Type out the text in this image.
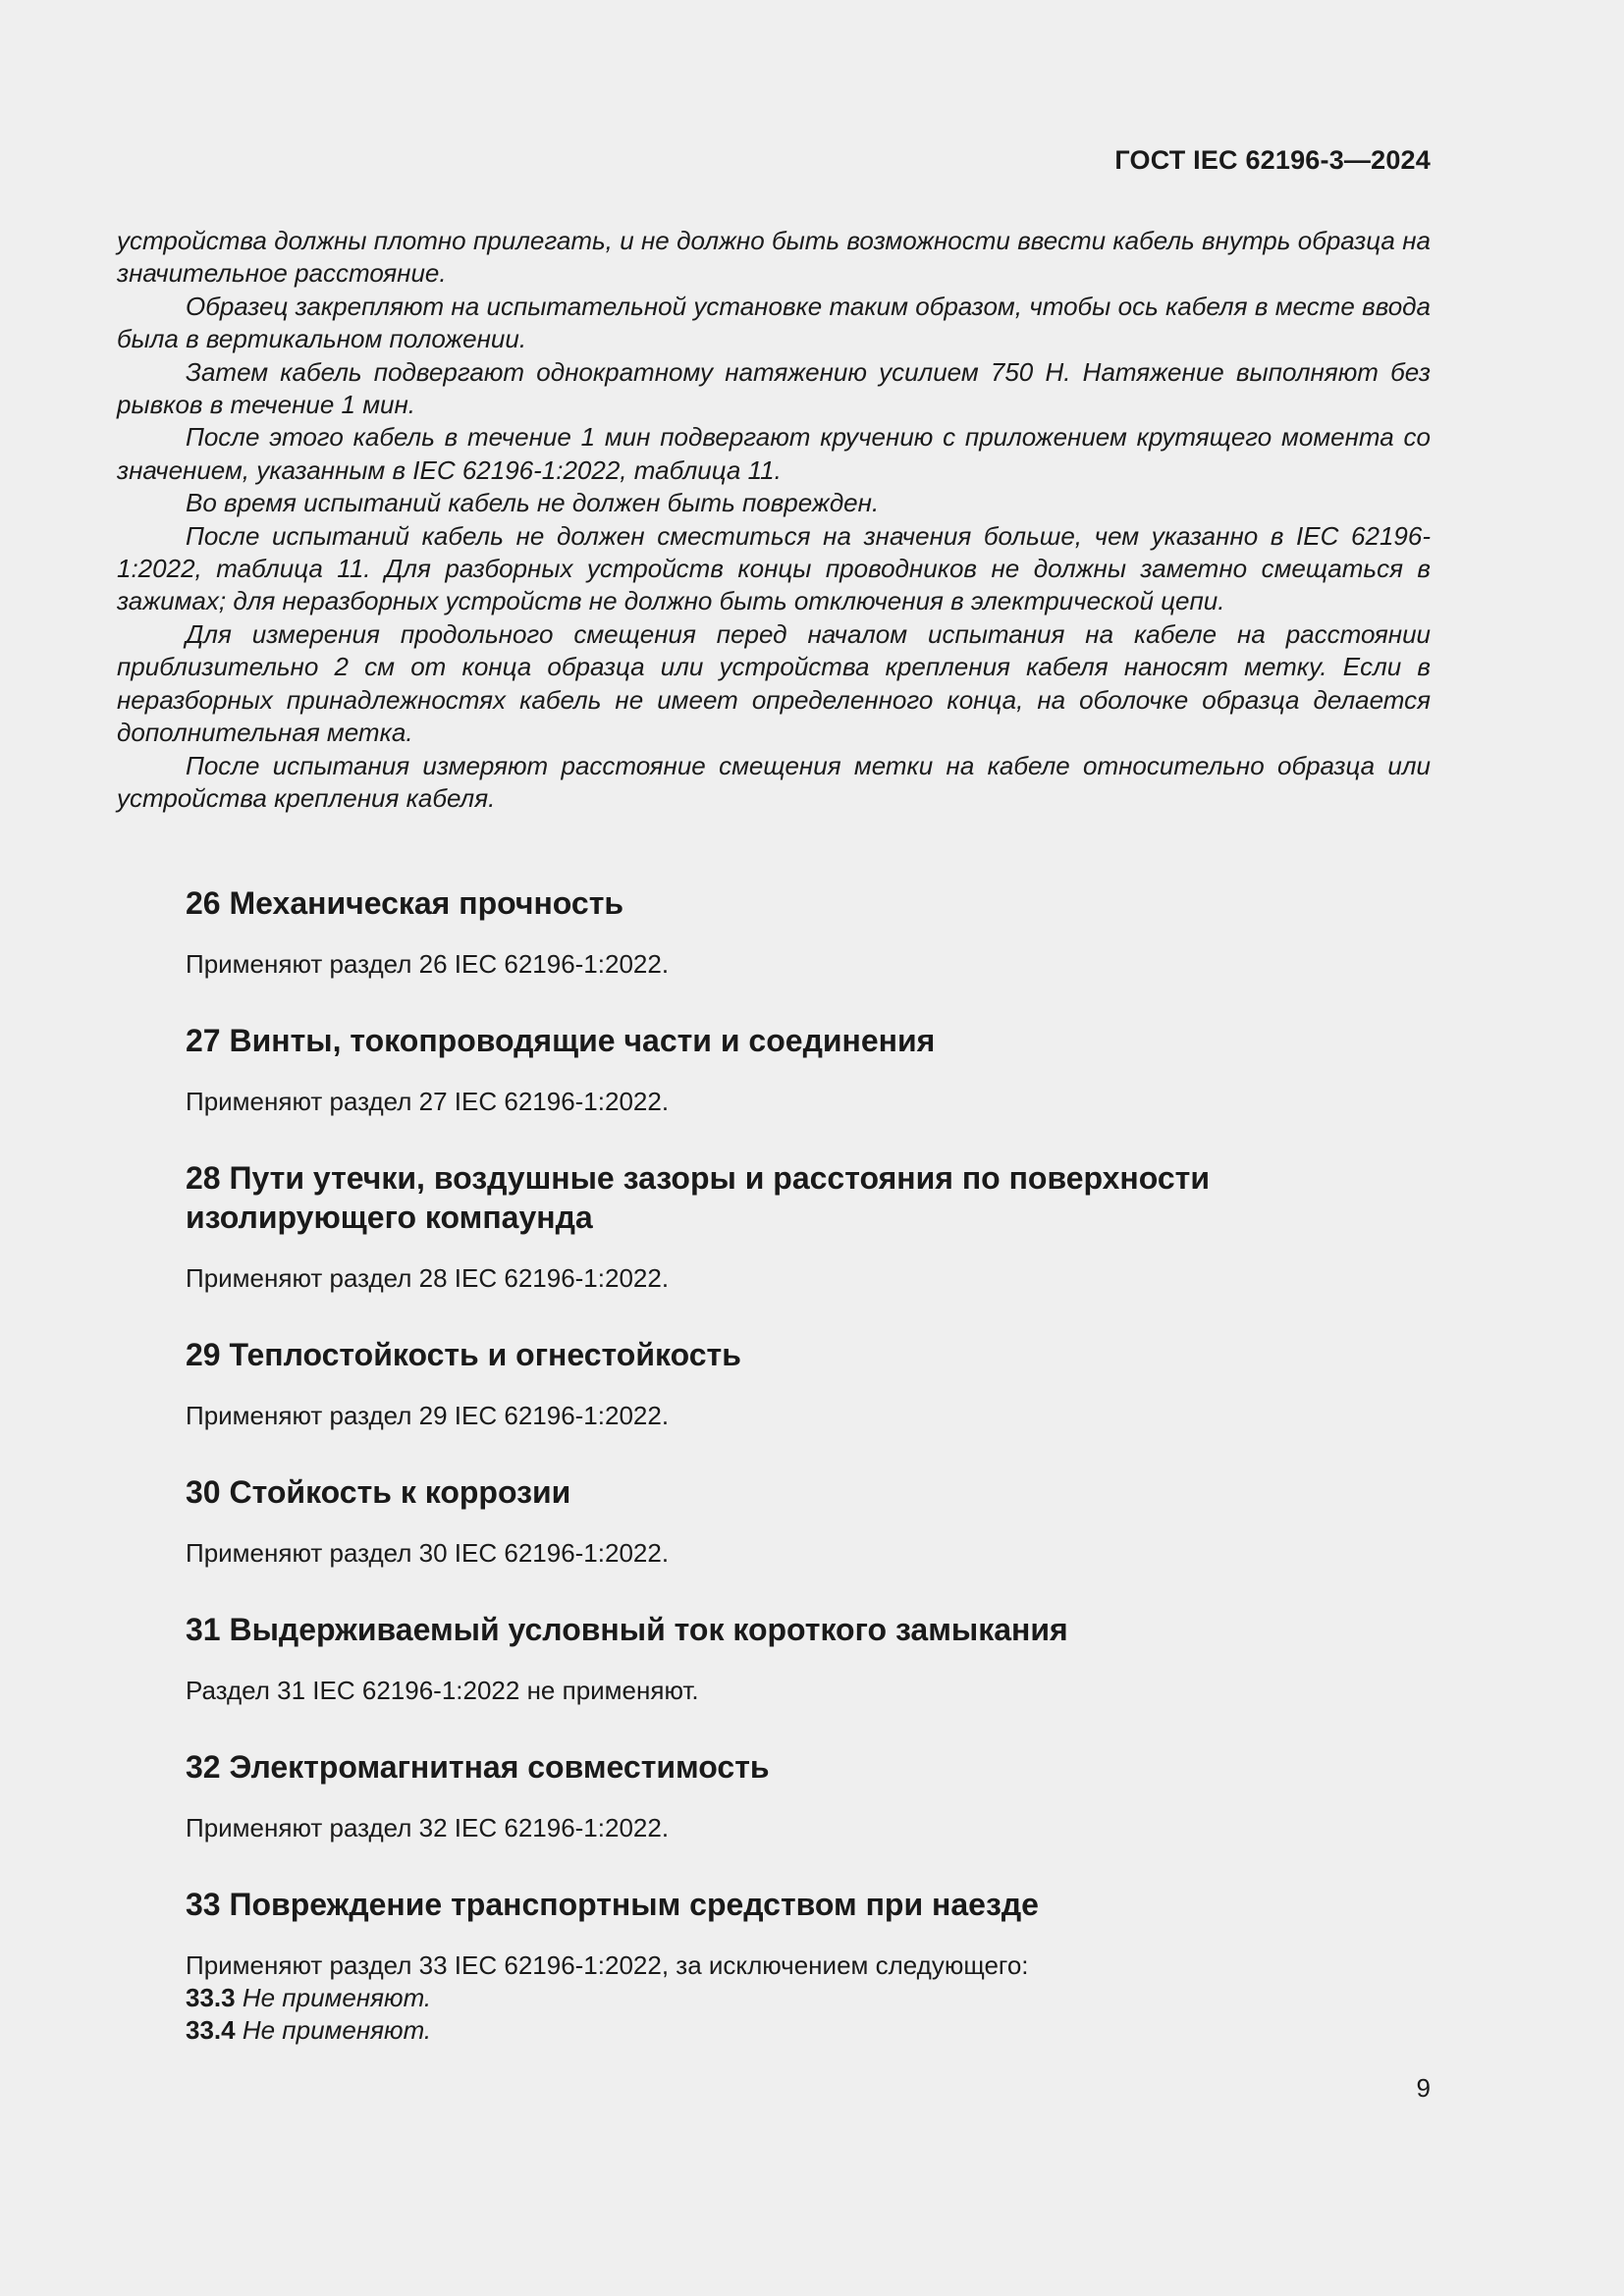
ГОСТ IEC 62196-3—2024

устройства должны плотно прилегать, и не должно быть возможности ввести кабель внутрь образца на значительное расстояние.

Образец закрепляют на испытательной установке таким образом, чтобы ось кабеля в месте ввода была в вертикальном положении.

Затем кабель подвергают однократному натяжению усилием 750 Н. Натяжение выполняют без рывков в течение 1 мин.

После этого кабель в течение 1 мин подвергают кручению с приложением крутящего момента со значением, указанным в IEC 62196-1:2022, таблица 11.

Во время испытаний кабель не должен быть поврежден.

После испытаний кабель не должен сместиться на значения больше, чем указанно в IEC 62196-1:2022, таблица 11. Для разборных устройств концы проводников не должны заметно смещаться в зажимах; для неразборных устройств не должно быть отключения в электрической цепи.

Для измерения продольного смещения перед началом испытания на кабеле на расстоянии приблизительно 2 см от конца образца или устройства крепления кабеля наносят метку. Если в неразборных принадлежностях кабель не имеет определенного конца, на оболочке образца делается дополнительная метка.

После испытания измеряют расстояние смещения метки на кабеле относительно образца или устройства крепления кабеля.

26 Механическая прочность

Применяют раздел 26 IEC 62196-1:2022.

27 Винты, токопроводящие части и соединения

Применяют раздел 27 IEC 62196-1:2022.

28 Пути утечки, воздушные зазоры и расстояния по поверхности изолирующего компаунда

Применяют раздел 28 IEC 62196-1:2022.

29 Теплостойкость и огнестойкость

Применяют раздел 29 IEC 62196-1:2022.

30 Стойкость к коррозии

Применяют раздел 30 IEC 62196-1:2022.

31 Выдерживаемый условный ток короткого замыкания

Раздел 31 IEC 62196-1:2022 не применяют.

32 Электромагнитная совместимость

Применяют раздел 32 IEC 62196-1:2022.

33 Повреждение транспортным средством при наезде

Применяют раздел 33 IEC 62196-1:2022, за исключением следующего:

33.3 Не применяют.

33.4 Не применяют.

9
